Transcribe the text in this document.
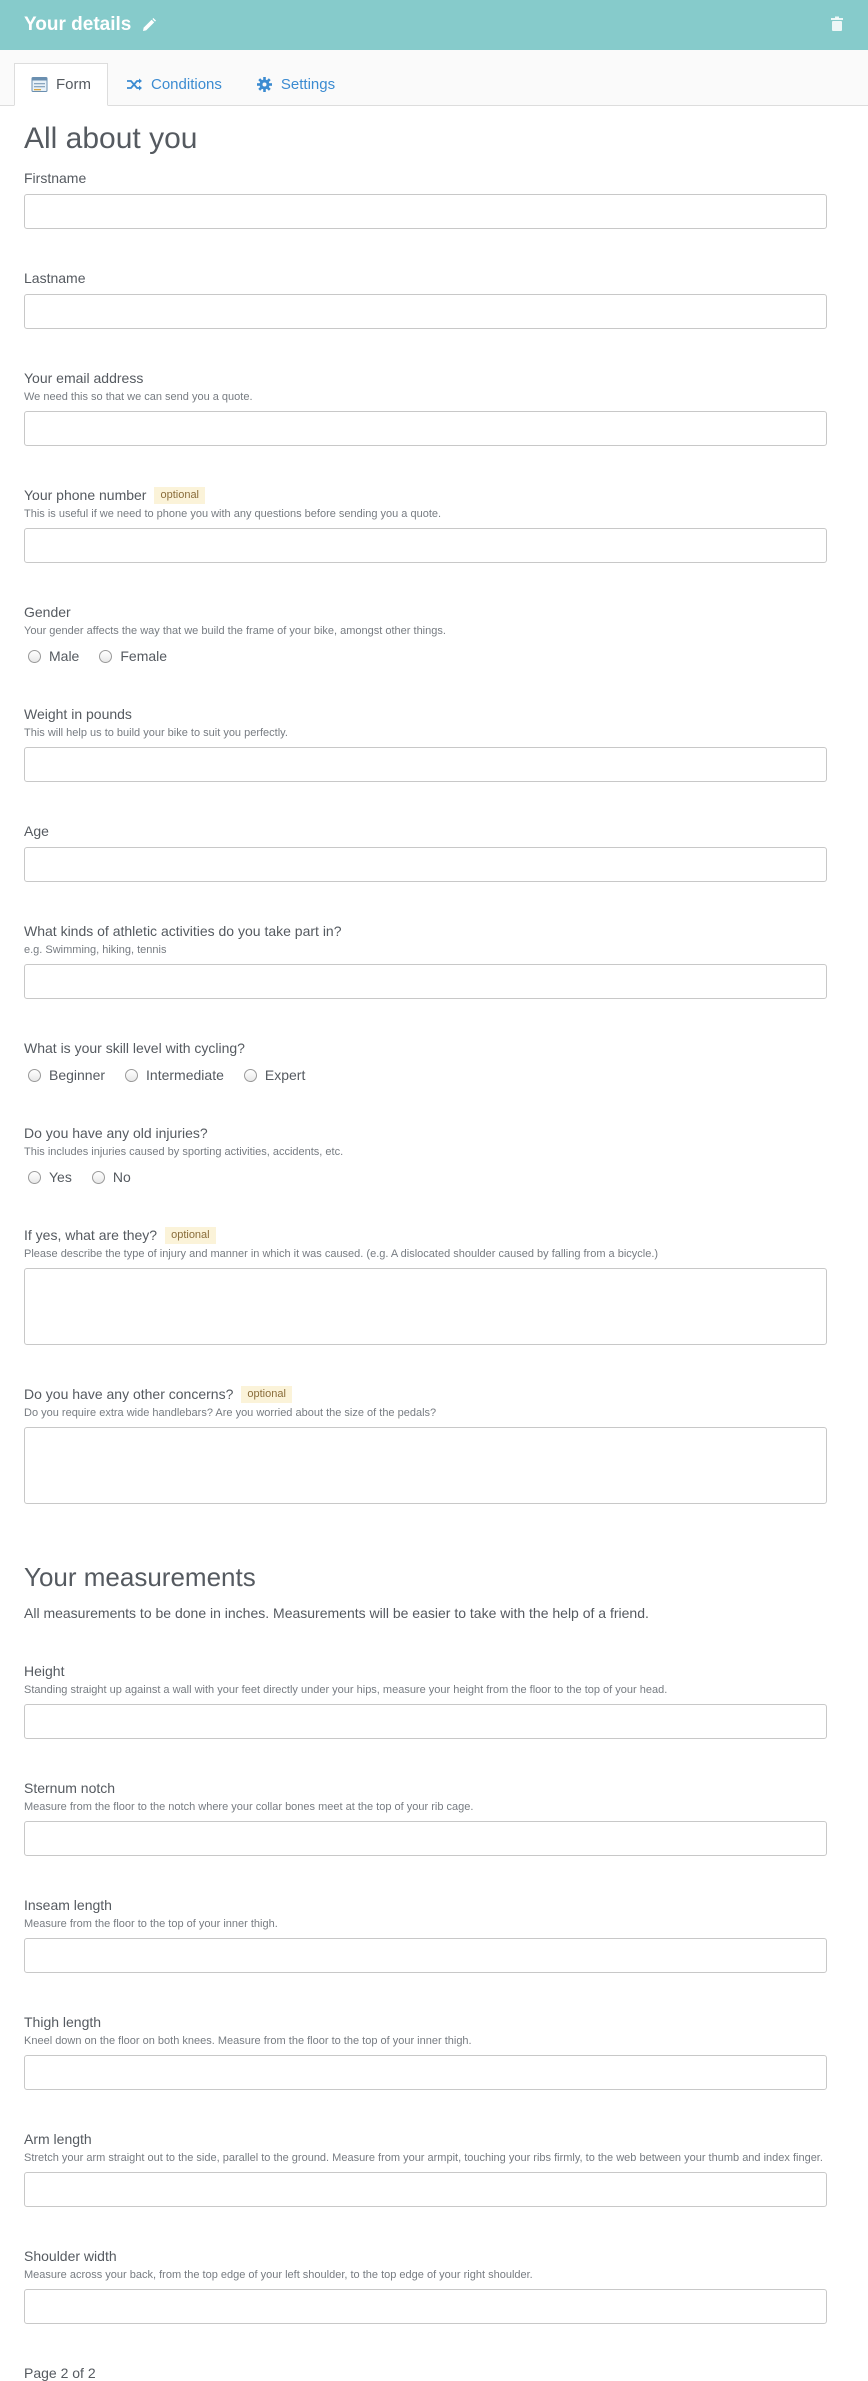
Your details
Form	Conditions	Settings
All about you
Firstname
Lastname
Your email address
We need this so that we can send you a quote.
Your phone number	optional
This is useful if we need to phone you with any questions before sending you a quote.
Gender
Your gender affects the way that we build the frame of your bike, amongst other things.
Male	Female
Weight in pounds
This will help us to build your bike to suit you perfectly.
Age
What kinds of athletic activities do you take part in?
e.g. Swimming, hiking, tennis
What is your skill level with cycling?
Beginner	Intermediate	Expert
Do you have any old injuries?
This includes injuries caused by sporting activities, accidents, etc.
Yes	No
If yes, what are they?	optional
Please describe the type of injury and manner in which it was caused. (e.g. A dislocated shoulder caused by falling from a bicycle.)
Do you have any other concerns?	optional
Do you require extra wide handlebars? Are you worried about the size of the pedals?
Your measurements

All measurements to be done in inches. Measurements will be easier to take with the help of a friend.

Height
Standing straight up against a wall with your feet directly under your hips, measure your height from the floor to the top of your head.
Sternum notch
Measure from the floor to the notch where your collar bones meet at the top of your rib cage.
Inseam length
Measure from the floor to the top of your inner thigh.
Thigh length
Kneel down on the floor on both knees. Measure from the floor to the top of your inner thigh.
Arm length
Stretch your arm straight out to the side, parallel to the ground. Measure from your armpit, touching your ribs firmly, to the web between your thumb and index finger.
Shoulder width
Measure across your back, from the top edge of your left shoulder, to the top edge of your right shoulder.
Page 2 of 2
